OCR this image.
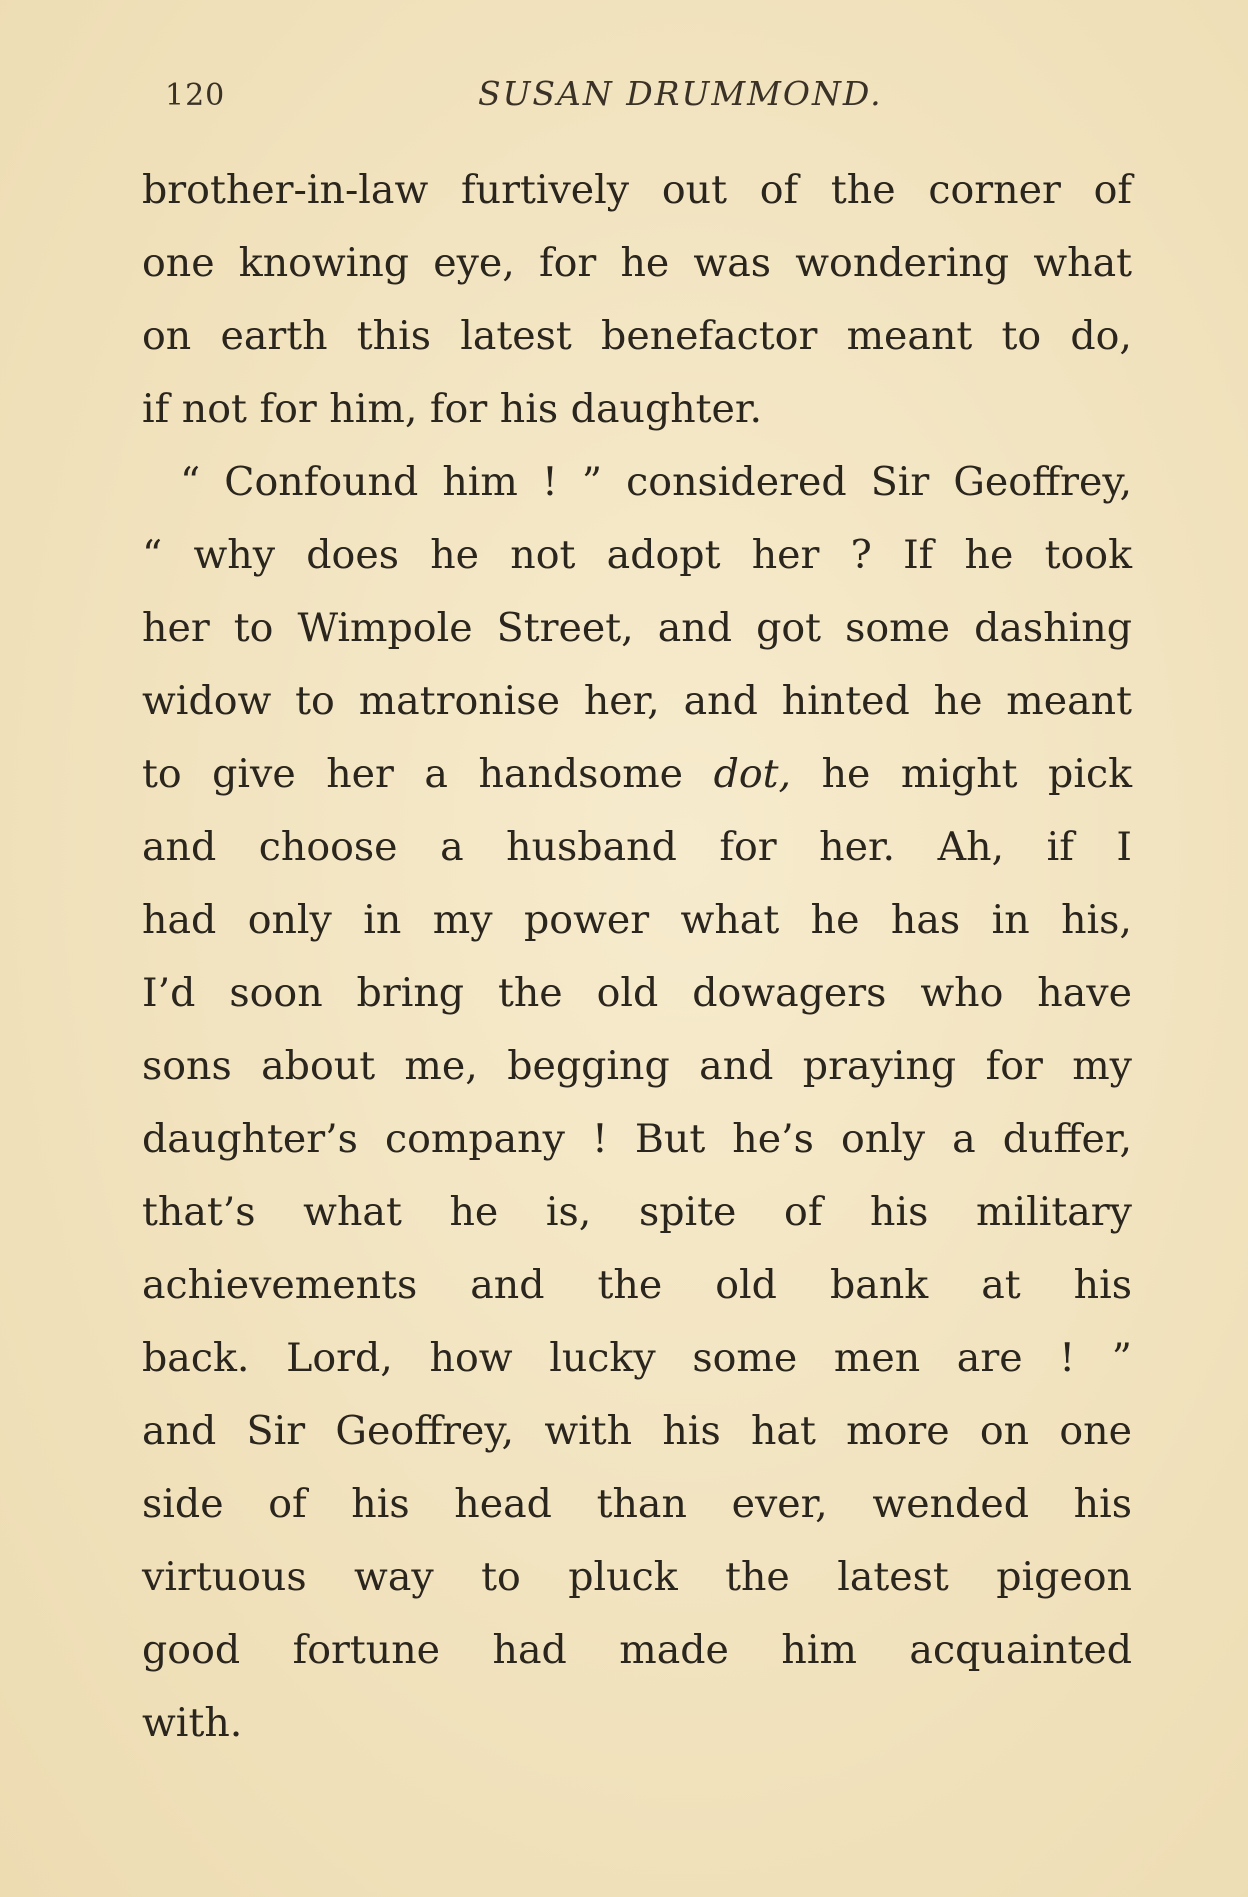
120	SUSAN DRUMMOND.
brother-in-law furtively out of the corner of
one knowing eye, for he was wondering what
on earth this latest benefactor meant to do,
if not for him, for his daughter.
“ Confound him ! ” considered Sir Geoffrey,
“ why does he not adopt her ? If he took
her to Wimpole Street, and got some dashing
widow to matronise her, and hinted he meant
to give her a handsome dot, he might pick
and choose a husband for her. Ah, if I
had only in my power what he has in his,
I’d soon bring the old dowagers who have
sons about me, begging and praying for my
daughter’s company ! But he’s only a duffer,
that’s what he is, spite of his military
achievements and the old bank at his
back. Lord, how lucky some men are ! ”
and Sir Geoffrey, with his hat more on one
side of his head than ever, wended his
virtuous way to pluck the latest pigeon
good fortune had made him acquainted
with.
